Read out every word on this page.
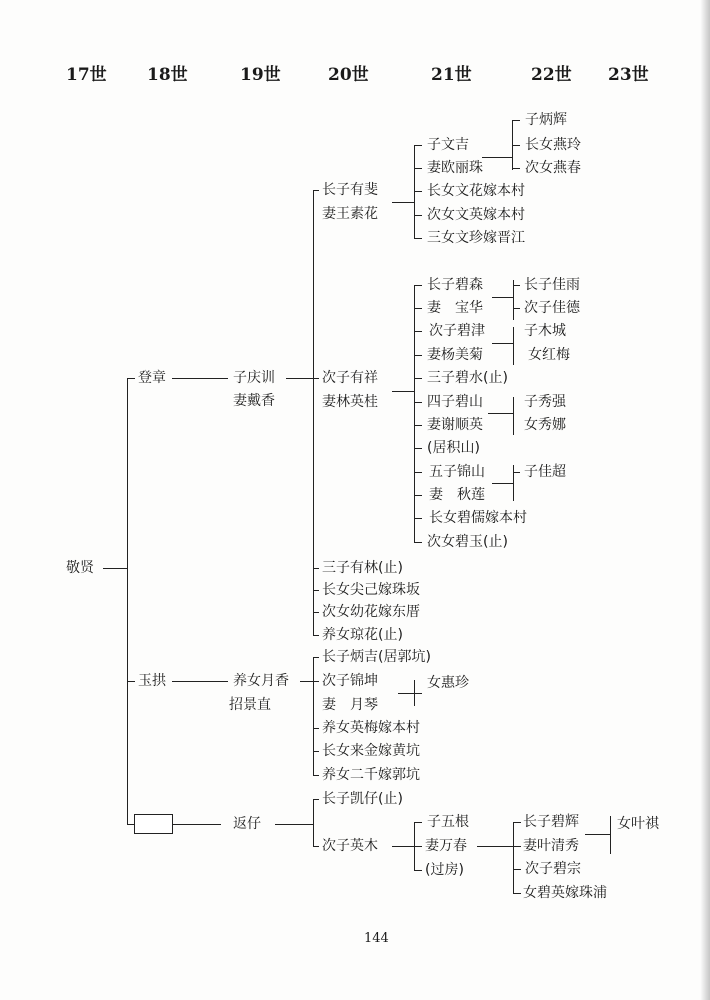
17世 18世	19世	20世	21世	22世 23世
敬贤
登章
玉拱
子庆训
妻戴香
养女月香
招景直
返仔
长子有斐
妻王素花
次子有祥
妻林英桂
三子有林(止)
长女尖己嫁珠坂
次女幼花嫁东厝
养女琼花(止)
长子炳吉(居郭坑)
次子锦坤
妻　月琴
养女英梅嫁本村
长女来金嫁黄坑
养女二千嫁郭坑
长子凯仔(止)
次子英木
子文吉
妻欧丽珠
长女文花嫁本村
次女文英嫁本村
三女文珍嫁晋江
长子碧森
妻　宝华
次子碧津
妻杨美菊
三子碧水(止)
四子碧山
妻谢顺英
(居积山)
五子锦山
妻　秋莲
长女碧儒嫁本村
次女碧玉(止)
女惠珍
子五根
妻万春
(过房)
子炳辉
长女燕玲
次女燕春
长子佳雨
次子佳德
子木城
女红梅
子秀强
女秀娜
子佳超
长子碧辉
妻叶清秀
次子碧宗
女碧英嫁珠浦
女叶祺
144
